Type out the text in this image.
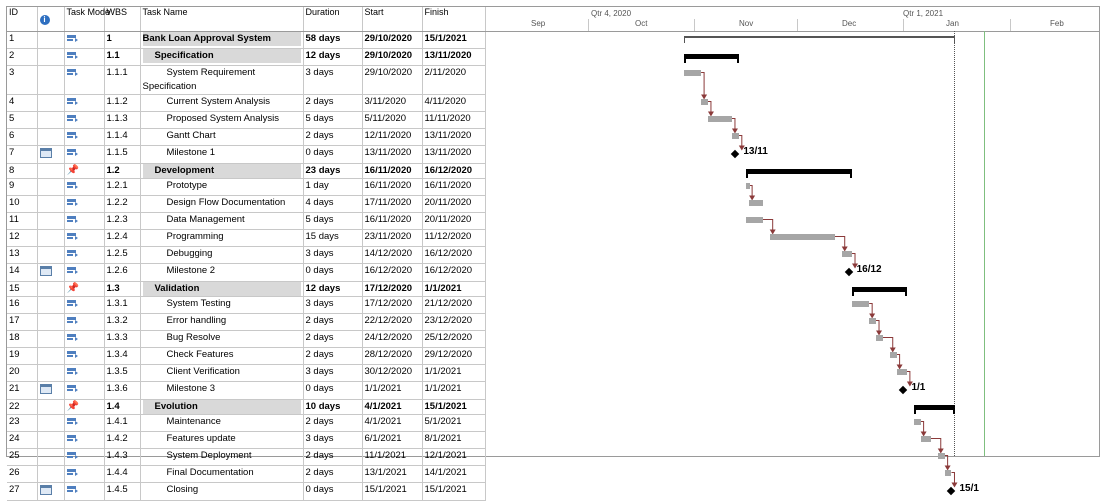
ID	i	Task Mode	WBS	Task Name	Duration	Start	Finish
1			1	Bank Loan Approval System	58 days	29/10/2020	15/1/2021
2			1.1	Specification	12 days	29/10/2020	13/11/2020
3			1.1.1	System Requirement Specification	3 days	29/10/2020	2/11/2020
4			1.1.2	Current System Analysis	2 days	3/11/2020	4/11/2020
5			1.1.3	Proposed System Analysis	5 days	5/11/2020	11/11/2020
6			1.1.4	Gantt Chart	2 days	12/11/2020	13/11/2020
7			1.1.5	Milestone 1	0 days	13/11/2020	13/11/2020
8		📌	1.2	Development	23 days	16/11/2020	16/12/2020
9			1.2.1	Prototype	1 day	16/11/2020	16/11/2020
10			1.2.2	Design Flow Documentation	4 days	17/11/2020	20/11/2020
11			1.2.3	Data Management	5 days	16/11/2020	20/11/2020
12			1.2.4	Programming	15 days	23/11/2020	11/12/2020
13			1.2.5	Debugging	3 days	14/12/2020	16/12/2020
14			1.2.6	Milestone 2	0 days	16/12/2020	16/12/2020
15		📌	1.3	Validation	12 days	17/12/2020	1/1/2021
16			1.3.1	System Testing	3 days	17/12/2020	21/12/2020
17			1.3.2	Error handling	2 days	22/12/2020	23/12/2020
18			1.3.3	Bug Resolve	2 days	24/12/2020	25/12/2020
19			1.3.4	Check Features	2 days	28/12/2020	29/12/2020
20			1.3.5	Client Verification	3 days	30/12/2020	1/1/2021
21			1.3.6	Milestone 3	0 days	1/1/2021	1/1/2021
22		📌	1.4	Evolution	10 days	4/1/2021	15/1/2021
23			1.4.1	Maintenance	2 days	4/1/2021	5/1/2021
24			1.4.2	Features update	3 days	6/1/2021	8/1/2021
25			1.4.3	System Deployment	2 days	11/1/2021	12/1/2021
26			1.4.4	Final Documentation	2 days	13/1/2021	14/1/2021
27			1.4.5	Closing	0 days	15/1/2021	15/1/2021
Qtr 4, 2020	Qtr 1, 2021
Sep	Oct	Nov	Dec	Jan	Feb
13/11
16/12
1/1
15/1
